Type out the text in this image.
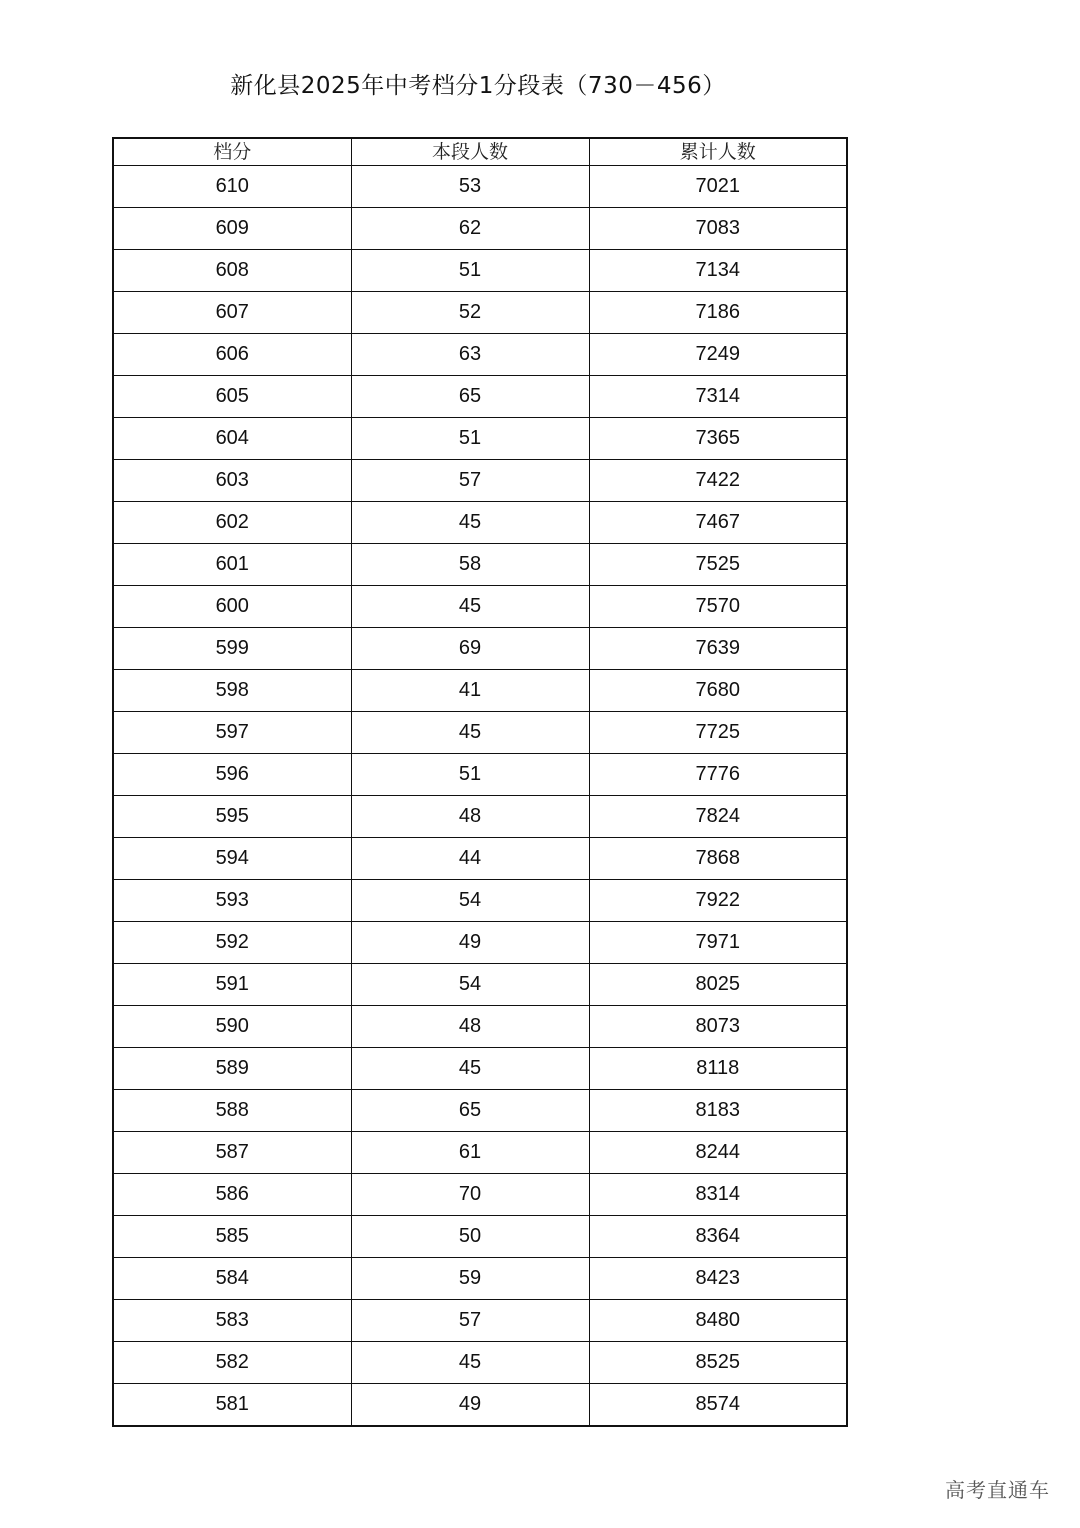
新化县2025年中考档分1分段表（730－456）
档分	本段人数	累计人数
610	53	7021
609	62	7083
608	51	7134
607	52	7186
606	63	7249
605	65	7314
604	51	7365
603	57	7422
602	45	7467
601	58	7525
600	45	7570
599	69	7639
598	41	7680
597	45	7725
596	51	7776
595	48	7824
594	44	7868
593	54	7922
592	49	7971
591	54	8025
590	48	8073
589	45	8118
588	65	8183
587	61	8244
586	70	8314
585	50	8364
584	59	8423
583	57	8480
582	45	8525
581	49	8574
高考直通车
